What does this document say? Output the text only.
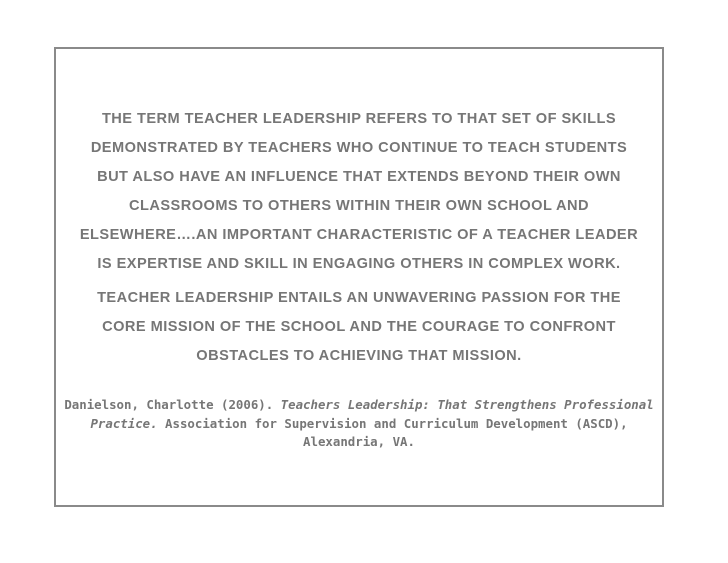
THE TERM TEACHER LEADERSHIP REFERS TO THAT SET OF SKILLS
DEMONSTRATED BY TEACHERS WHO CONTINUE TO TEACH STUDENTS
BUT ALSO HAVE AN INFLUENCE THAT EXTENDS BEYOND THEIR OWN
CLASSROOMS TO OTHERS WITHIN THEIR OWN SCHOOL AND
ELSEWHERE….AN IMPORTANT CHARACTERISTIC OF A TEACHER LEADER
IS EXPERTISE AND SKILL IN ENGAGING OTHERS IN COMPLEX WORK.

TEACHER LEADERSHIP ENTAILS AN UNWAVERING PASSION FOR THE
CORE MISSION OF THE SCHOOL AND THE COURAGE TO CONFRONT
OBSTACLES TO ACHIEVING THAT MISSION.

Danielson, Charlotte (2006). Teachers Leadership: That Strengthens Professional
Practice. Association for Supervision and Curriculum Development (ASCD),
Alexandria, VA.
